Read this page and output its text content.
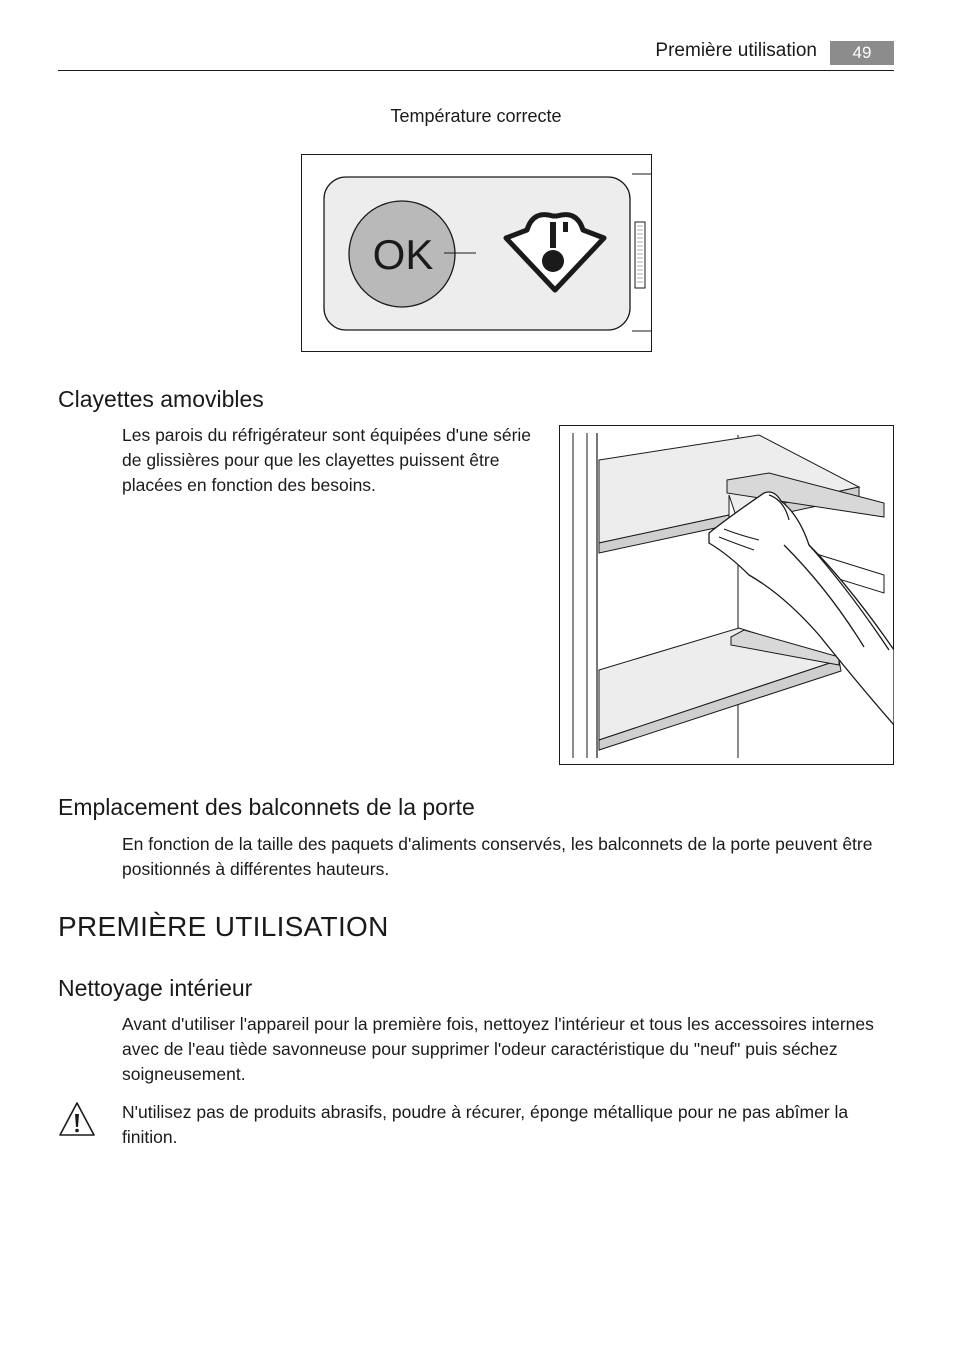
Première utilisation	49
Température correcte
OK
Clayettes amovibles

Les parois du réfrigérateur sont équipées d'une série de glissières pour que les clayettes puissent être placées en fonction des besoins.

Emplacement des balconnets de la porte

En fonction de la taille des paquets d'aliments conservés, les balconnets de la porte peuvent être positionnés à différentes hauteurs.

PREMIÈRE UTILISATION
Nettoyage intérieur

Avant d'utiliser l'appareil pour la première fois, nettoyez l'intérieur et tous les accessoires internes avec de l'eau tiède savonneuse pour supprimer l'odeur caractéristique du "neuf" puis séchez soigneusement.

N'utilisez pas de produits abrasifs, poudre à récurer, éponge métallique pour ne pas abîmer la finition.
